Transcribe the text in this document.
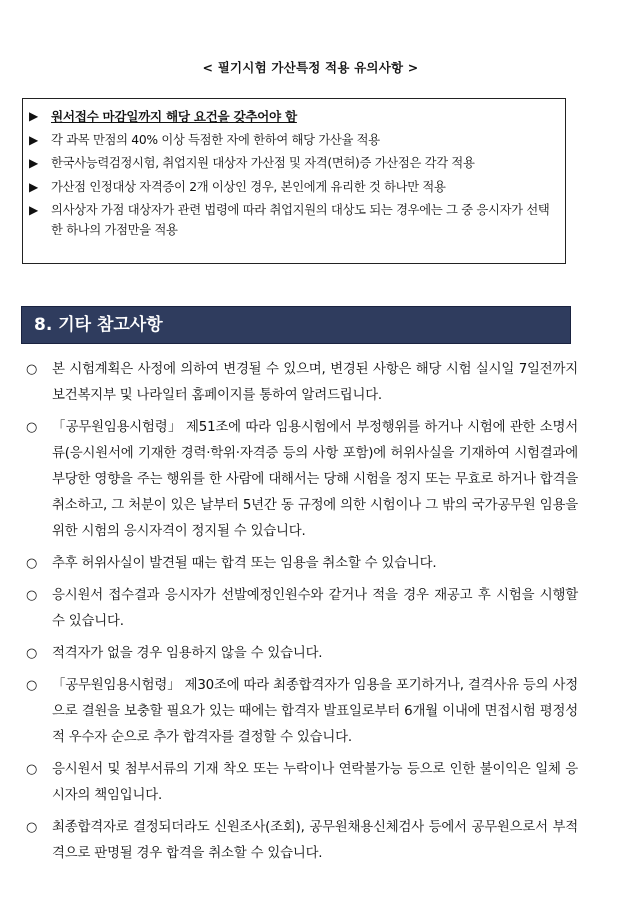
< 필기시험 가산특정 적용 유의사항 >
▶ 원서접수 마감일까지 해당 요건을 갖추어야 함
▶ 각 과목 만점의 40% 이상 득점한 자에 한하여 해당 가산율 적용
▶ 한국사능력검정시험, 취업지원 대상자 가산점 및 자격(면허)증 가산점은 각각 적용
▶ 가산점 인정대상 자격증이 2개 이상인 경우, 본인에게 유리한 것 하나만 적용
▶ 의사상자 가점 대상자가 관련 법령에 따라 취업지원의 대상도 되는 경우에는 그 중 응시자가 선택한 하나의 가점만을 적용
8. 기타 참고사항
○ 본 시험계획은 사정에 의하여 변경될 수 있으며, 변경된 사항은 해당 시험 실시일 7일전까지 보건복지부 및 나라일터 홈페이지를 통하여 알려드립니다.
○ 「공무원임용시험령」 제51조에 따라 임용시험에서 부정행위를 하거나 시험에 관한 소명서류(응시원서에 기재한 경력·학위·자격증 등의 사항 포함)에 허위사실을 기재하여 시험결과에 부당한 영향을 주는 행위를 한 사람에 대해서는 당해 시험을 정지 또는 무효로 하거나 합격을 취소하고, 그 처분이 있은 날부터 5년간 동 규정에 의한 시험이나 그 밖의 국가공무원 임용을 위한 시험의 응시자격이 정지될 수 있습니다.
○ 추후 허위사실이 발견될 때는 합격 또는 임용을 취소할 수 있습니다.
○ 응시원서 접수결과 응시자가 선발예정인원수와 같거나 적을 경우 재공고 후 시험을 시행할 수 있습니다.
○ 적격자가 없을 경우 임용하지 않을 수 있습니다.
○ 「공무원임용시험령」 제30조에 따라 최종합격자가 임용을 포기하거나, 결격사유 등의 사정으로 결원을 보충할 필요가 있는 때에는 합격자 발표일로부터 6개월 이내에 면접시험 평정성적 우수자 순으로 추가 합격자를 결정할 수 있습니다.
○ 응시원서 및 첨부서류의 기재 착오 또는 누락이나 연락불가능 등으로 인한 불이익은 일체 응시자의 책임입니다.
○ 최종합격자로 결정되더라도 신원조사(조회), 공무원채용신체검사 등에서 공무원으로서 부적격으로 판명될 경우 합격을 취소할 수 있습니다.
